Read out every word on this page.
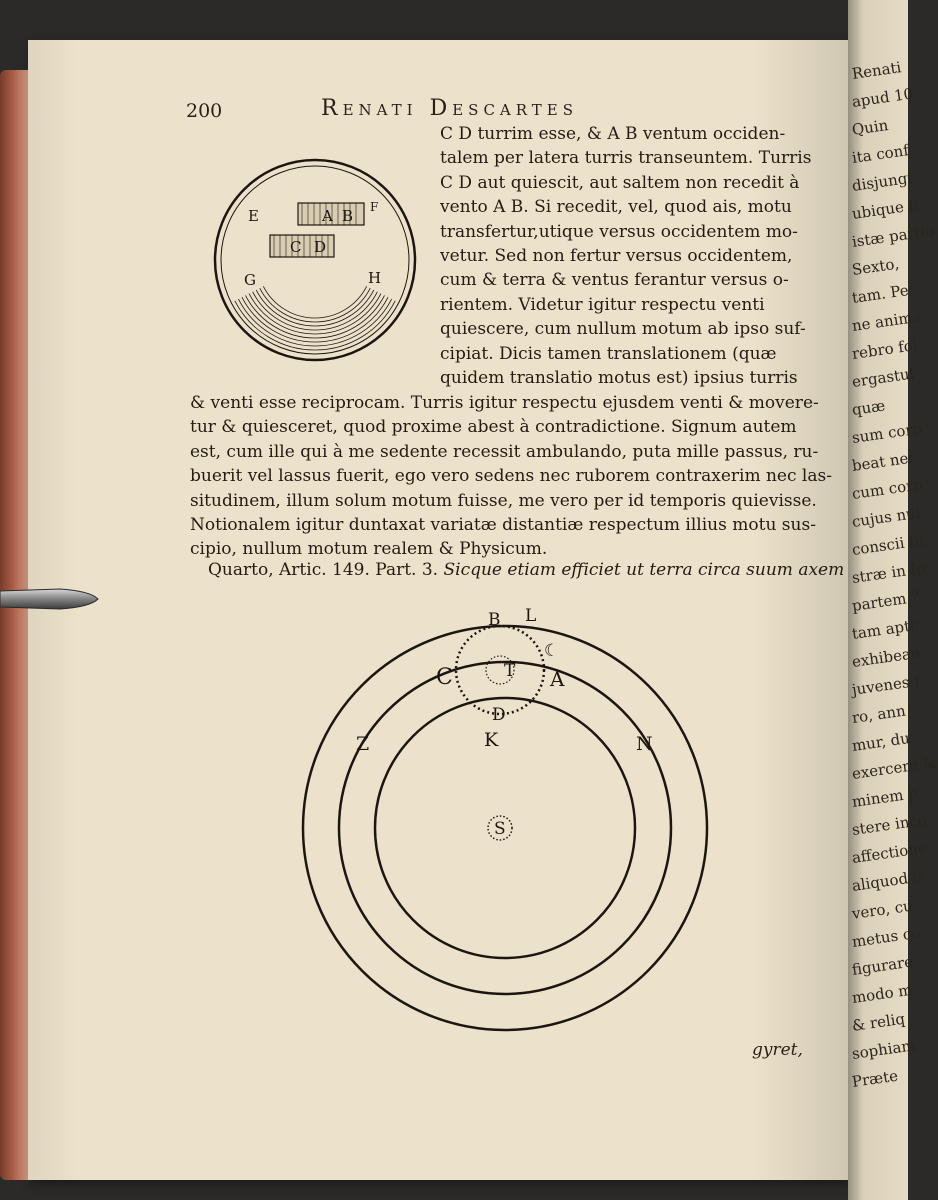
Renati
apud 10
Quin
ita conf
disjungi
ubique fi
istæ partio
Sexto,
tam. Pe
ne anima
rebro fol
ergastul
quæ
sum corp
beat nec
cum corp
cujus nul
conscii fu
stræ in fp
partem ?
tam apte
exhibean
juvenes f
ro, ann
mur, du
exercere &
minem p
stere inco
affectione
aliquod ir
vero, cu
metus co
figurare
modo m
& reliq
sophiam
Præte
200	Renati Descartes
E	A B F
C D
G	H
C D turrim esse, & A B ventum occiden-
talem per latera turris transeuntem. Turris
C D aut quiescit, aut saltem non recedit à
vento A B. Si recedit, vel, quod ais, motu
transfertur,utique versus occidentem mo-
vetur. Sed non fertur versus occidentem,
cum & terra & ventus ferantur versus o-
rientem. Videtur igitur respectu venti
quiescere, cum nullum motum ab ipso suf-
cipiat. Dicis tamen translationem (quæ
quidem translatio motus est) ipsius turris
& venti esse reciprocam. Turris igitur respectu ejusdem venti & movere-
tur & quiesceret, quod proxime abest à contradictione. Signum autem
est, cum ille qui à me sedente recessit ambulando, puta mille passus, ru-
buerit vel lassus fuerit, ego vero sedens nec ruborem contraxerim nec las-
situdinem, illum solum motum fuisse, me vero per id temporis quievisse.
Notionalem igitur duntaxat variatæ distantiæ respectum illius motu sus-
cipio, nullum motum realem & Physicum.
Quarto, Artic. 149. Part. 3. Sicque etiam efficiet ut terra circa suum axem
B L
☾
C	T A
D
K
Z	N
S
gyret,
